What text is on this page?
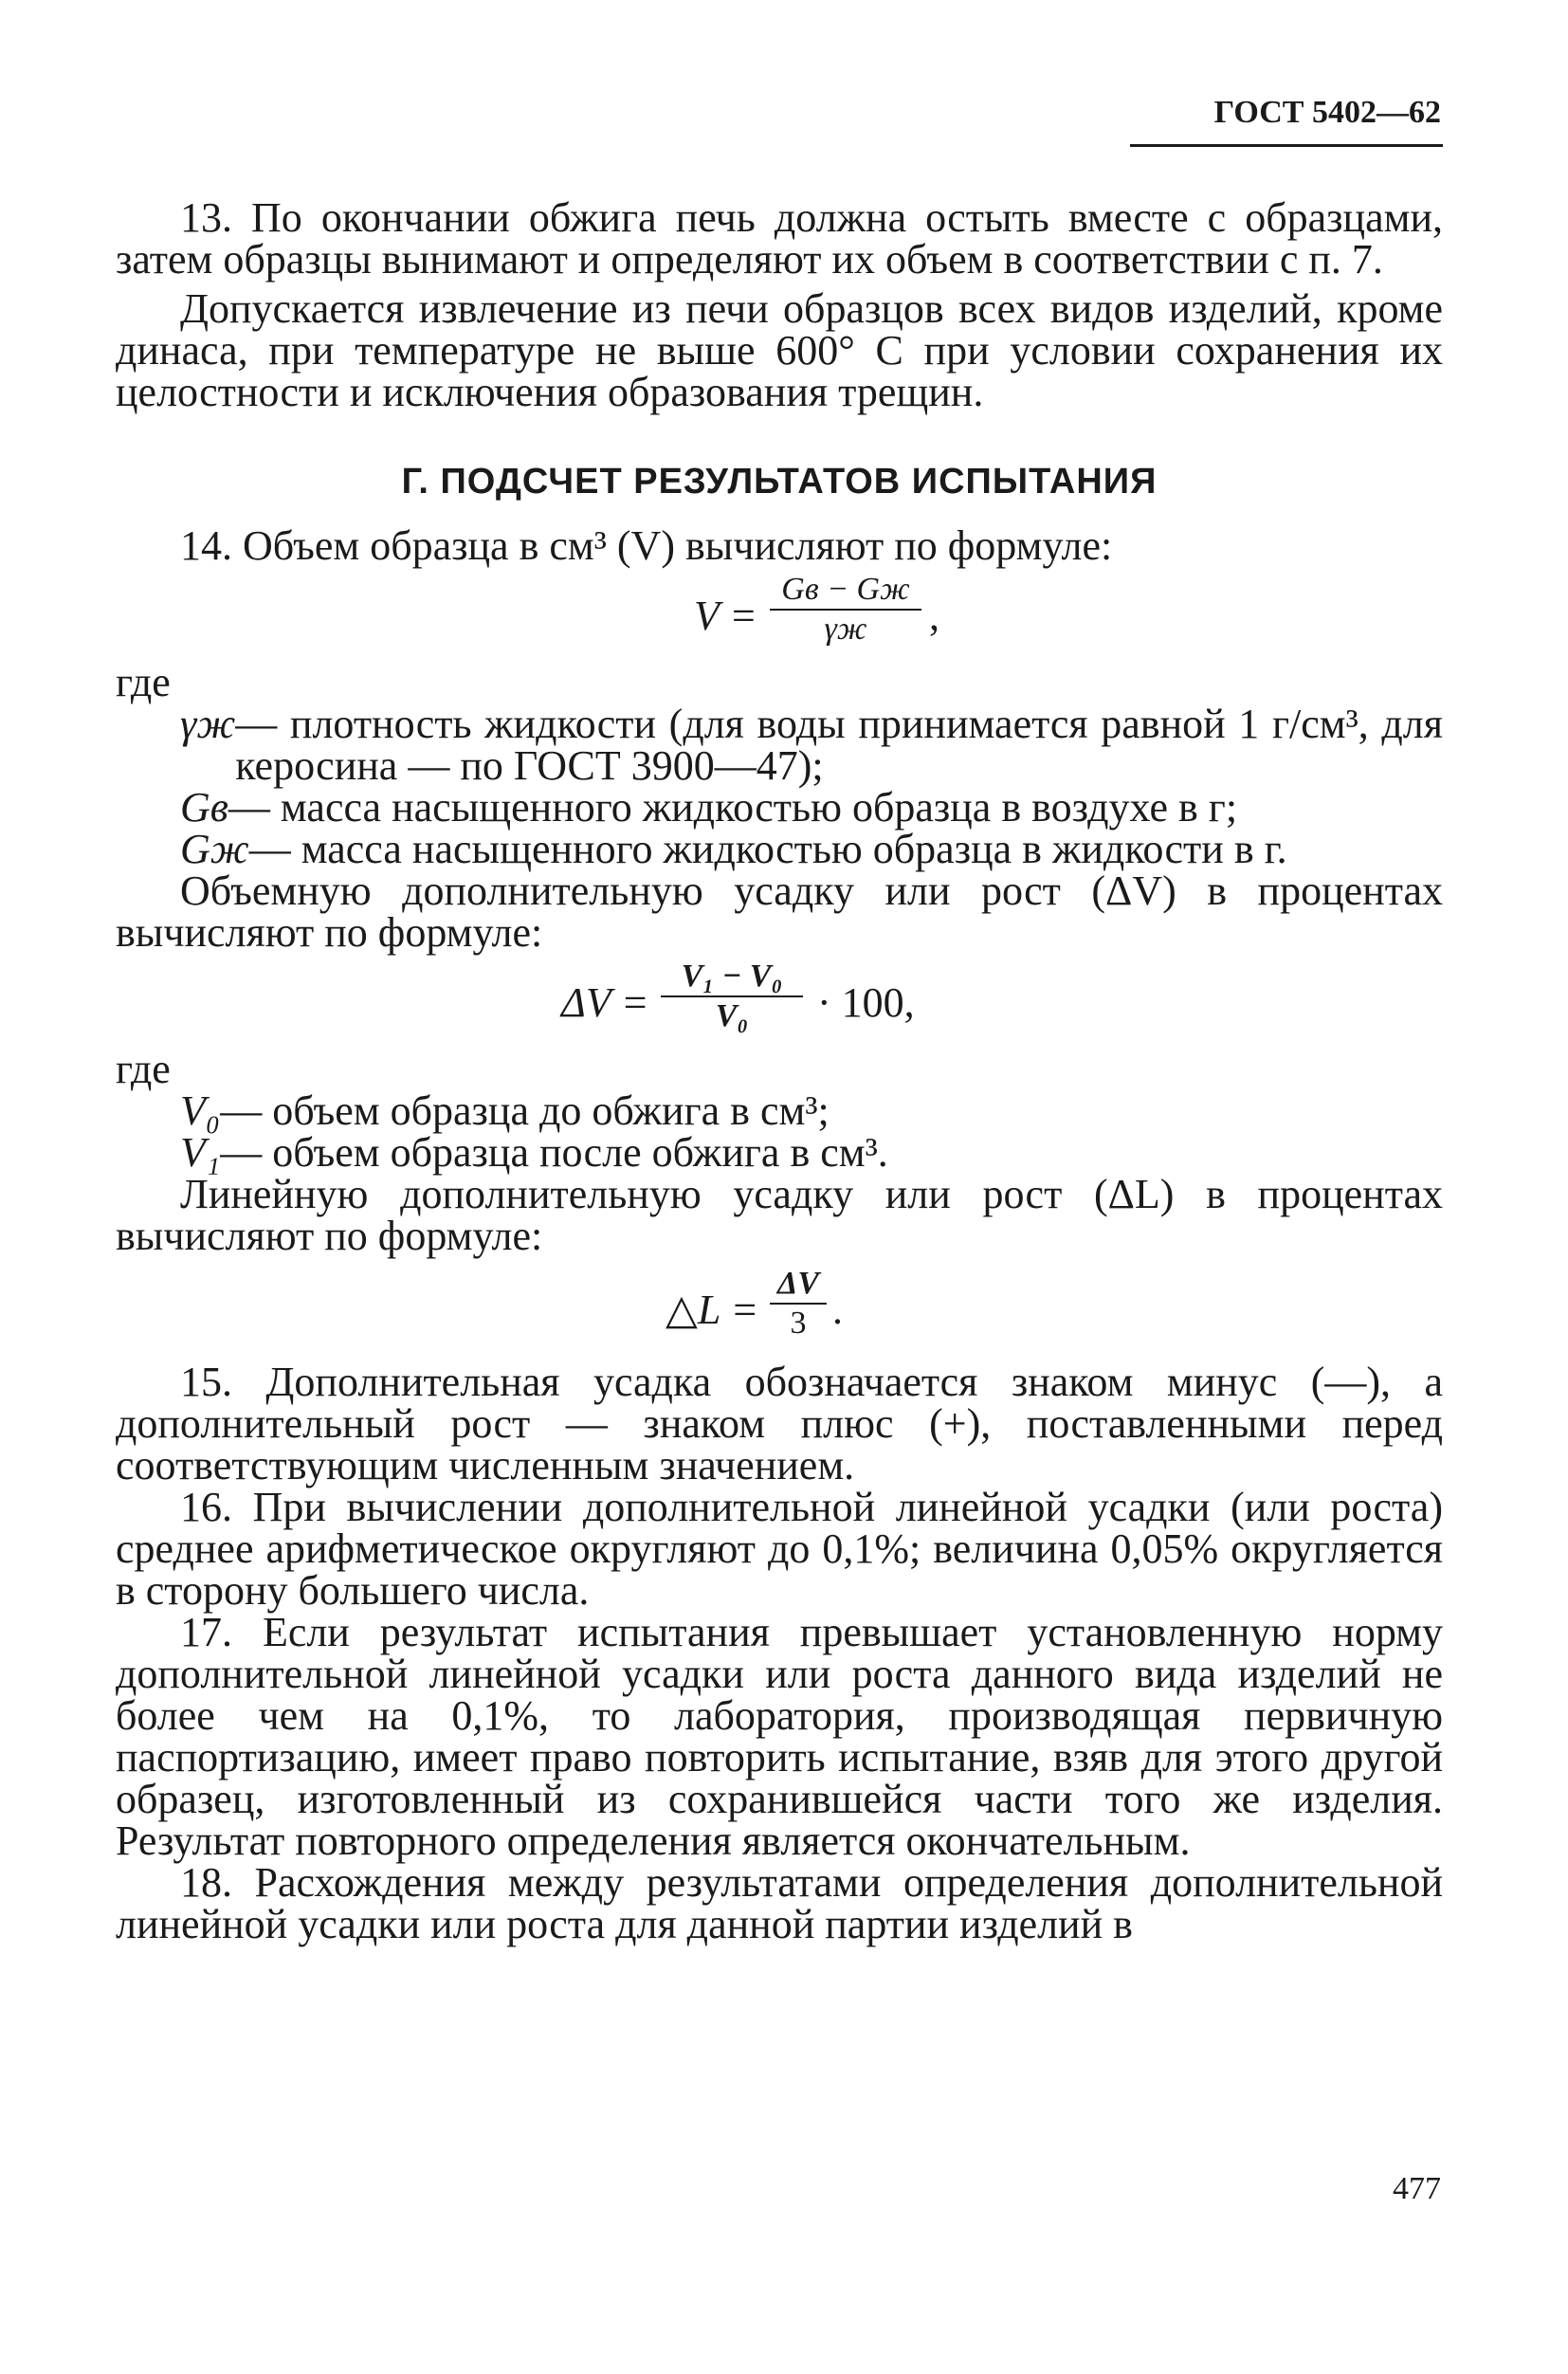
ГОСТ 5402—62

13. По окончании обжига печь должна остыть вместе с образцами, затем образцы вынимают и определяют их объем в соответствии с п. 7.

Допускается извлечение из печи образцов всех видов изделий, кроме динаса, при температуре не выше 600° С при условии сохранения их целостности и исключения образования трещин.

Г. ПОДСЧЕТ РЕЗУЛЬТАТОВ ИСПЫТАНИЯ

14. Объем образца в см³ (V) вычисляют по формуле:

V =
Gв − Gж
γж	,
где
γж — плотность жидкости (для воды принимается равной 1 г/см³, для керосина — по ГОСТ 3900—47);
Gв — масса насыщенного жидкостью образца в воздухе в г;
Gж — масса насыщенного жидкостью образца в жидкости в г.

Объемную дополнительную усадку или рост (ΔV) в процентах вычисляют по формуле:

ΔV =
V₁ − V₀
V₀	· 100,
где
V₀ — объем образца до обжига в см³;
V₁ — объем образца после обжига в см³.

Линейную дополнительную усадку или рост (ΔL) в процентах вычисляют по формуле:

△L =
ΔV
3 .

15. Дополнительная усадка обозначается знаком минус (—), а дополнительный рост — знаком плюс (+), поставленными перед соответствующим численным значением.

16. При вычислении дополнительной линейной усадки (или роста) среднее арифметическое округляют до 0,1%; величина 0,05% округляется в сторону большего числа.

17. Если результат испытания превышает установленную норму дополнительной линейной усадки или роста данного вида изделий не более чем на 0,1%, то лаборатория, производящая первичную паспортизацию, имеет право повторить испытание, взяв для этого другой образец, изготовленный из сохранившейся части того же изделия. Результат повторного определения является окончательным.

18. Расхождения между результатами определения дополнительной линейной усадки или роста для данной партии изделий в

477
